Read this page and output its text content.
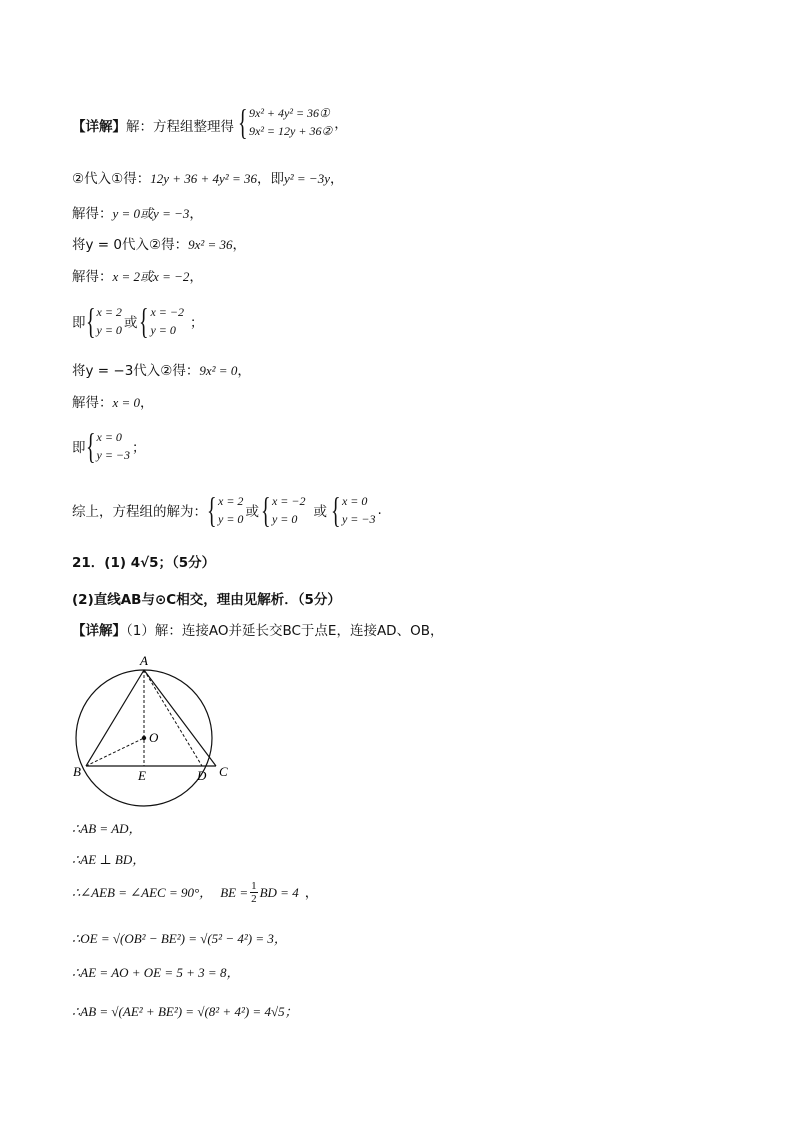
【详解】解：方程组整理得 { 9x² + 4y² = 36①
9x² = 12y + 36② ，
②代入①得：12y + 36 + 4y² = 36，即y² = −3y，
解得：y = 0或y = −3，
将y = 0代入②得：9x² = 36，
解得：x = 2或x = −2，
即 { x = 2
y = 0 或 { x = −2
y = 0	；
将y = −3代入②得：9x² = 0，
解得：x = 0，
即 { x = 0
y = −3 ；
综上，方程组的解为： { x = 2
y = 0 或 { x = −2
y = 0	或 { x = 0
y = −3
.
21．(1) 4√5；（5分）
(2)直线AB与⊙C相交，理由见解析．（5分）
【详解】（1）解：连接AO并延长交BC于点E，连接AD、OB，
A
O
B	E	D C
∴AB = AD，
∴AE ⊥ BD，
∴∠AEB = ∠AEC = 90°， BE = $\frac{1}{2}$ BD = 4 ，
∴OE = √(OB² − BE²) = √(5² − 4²) = 3，
∴AE = AO + OE = 5 + 3 = 8，
∴AB = √(AE² + BE²) = √(8² + 4²) = 4√5；
